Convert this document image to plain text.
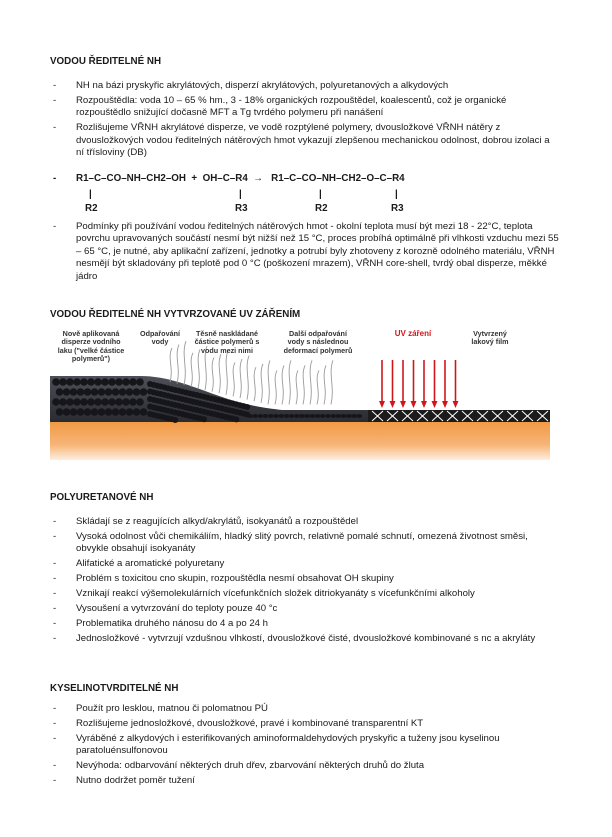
VODOU ŘEDITELNÉ NH
- NH na bázi pryskyřic akrylátových, disperzí akrylátových, polyuretanových a alkydových
- Rozpouštědla: voda 10 – 65 % hm., 3 - 18% organických rozpouštědel, koalescentů, což je organické rozpouštědlo snižující dočasně MFT a Tg tvrdého polymeru při nanášení
- Rozlišujeme VŘNH akrylátové disperze, ve vodě rozptýlené polymery, dvousložkové VŘNH nátěry z dvousložkových vodou ředitelných nátěrových hmot vykazují zlepšenou mechanickou odolnost, dobrou izolaci a ní třísloviny (DB)
- R1–C–CO–NH–CH2–OH  +  OH–C–R4  →   R1–C–CO–NH–CH2–O–C–R4
|	|	|	|
R2	R3	R2	R3
- Podmínky při používání vodou ředitelných nátěrových hmot - okolní teplota musí být mezi 18 - 22°C, teplota povrchu upravovaných součástí nesmí být nižší než 15 °C, proces probíhá optimálně při vlhkosti vzduchu mezi 55 – 65 °C, je nutné, aby aplikační zařízení, jednotky a potrubí byly zhotoveny z korozně odolného materiálu, VŘNH nesmějí být skladovány při teplotě pod 0 °C (poškození mrazem), VŘNH core-shell, tvrdý obal disperze, měkké jádro
VODOU ŘEDITELNÉ NH VYTVRZOVANÉ UV ZÁŘENÍM
Nově aplikovaná disperze vodního laku ("velké částice polymerů")
Odpařování vody
Těsně naskládané částice polymerů s vodu mezi nimi
Další odpařování vody s následnou deformací polymerů
UV záření	Vytvrzený lakový film
POLYURETANOVÉ NH
- Skládají se z reagujících alkyd/akrylátů, isokyanátů a rozpouštědel
- Vysoká odolnost vůči chemikáliím, hladký slitý povrch, relativně pomalé schnutí, omezená životnost směsi, obvykle obsahují isokyanáty
- Alifatické a aromatické polyuretany
- Problém s toxicitou cno skupin, rozpouštědla nesmí obsahovat OH skupiny
- Vznikají reakcí výšemolekulárních vícefunkčních složek ditriokyanáty s vícefunkčními alkoholy
- Vysoušení a vytvrzování do teploty pouze 40 °c
- Problematika druhého nánosu do 4 a po 24 h
- Jednosložkové - vytvrzují vzdušnou vlhkostí, dvousložkové čisté, dvousložkové kombinované s nc a akryláty
KYSELINOTVRDITELNÉ NH
- Použít pro lesklou, matnou či polomatnou PÚ
- Rozlišujeme jednosložkové, dvousložkové, pravé i kombinované transparentní KT
- Vyráběné z alkydových i esterifikovaných aminoformaldehydových pryskyřic a tuženy jsou kyselinou paratoluénsulfonovou
- Nevýhoda: odbarvování některých druh dřev, zbarvování některých druhů do žluta
- Nutno dodržet poměr tužení
